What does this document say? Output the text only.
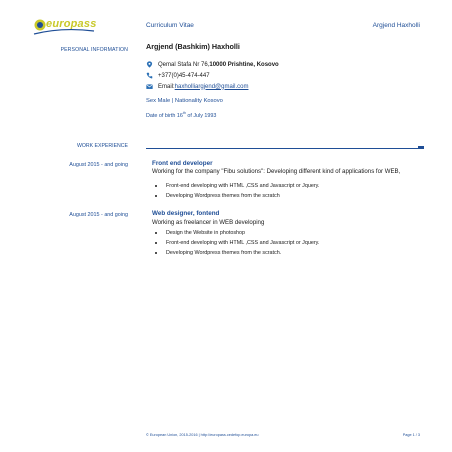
europass	Curriculum Vitae	Argjend Haxholli
PERSONAL INFORMATION	Argjend (Bashkim) Haxholli
Qemal Stafa Nr 76, 10000 Prishtine, Kosovo
+377(0)45-474-447
Email: haxholliargjend@gmail.com
Sex Male | Nationality Kosovo
Date of birth 16th of July 1993
WORK EXPERIENCE
August 2015 - and going	Front end developer
Working for the company "Fibu solutions": Developing different kind of applications for WEB,
Front-end developing with HTML ,CSS and Javascript or Jquery.
Developing Wordpress themes from the scratch
August 2015 - and going	Web designer, fontend
Working as freelancer in WEB developing
Design the Website in photoshop
Front-end developing with HTML ,CSS and Javascript or Jquery.
Developing Wordpress themes from the scratch.
© European Union, 2015-2016 | http://europass.cedefop.europa.eu	Page 1 / 3
